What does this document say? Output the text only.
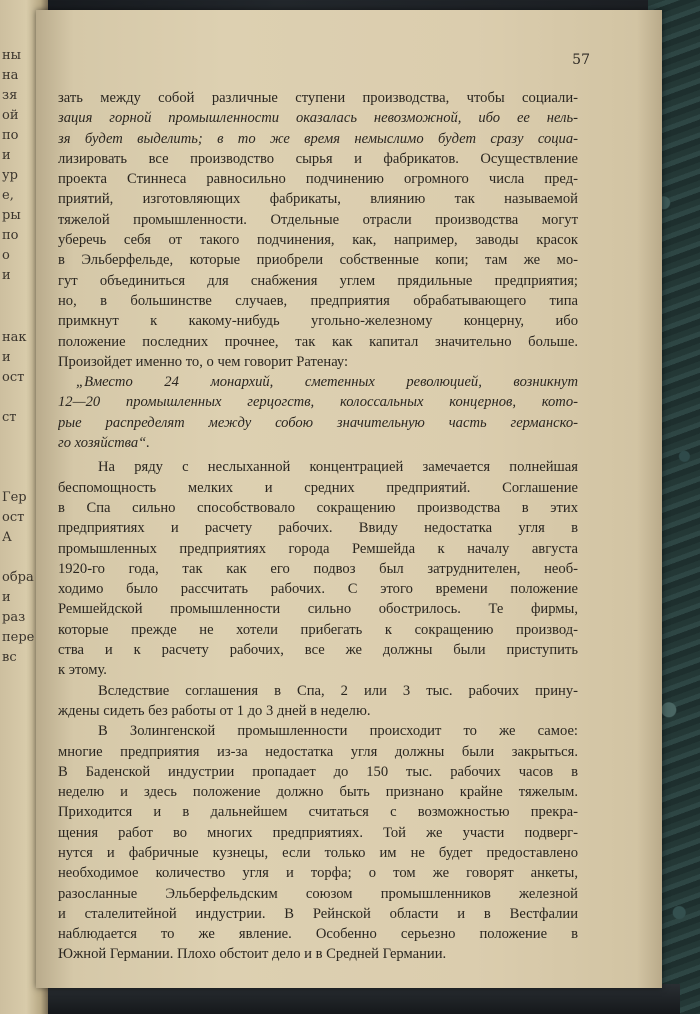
ны
на
зя
ой
по
и
ур
е,
ры
по
о
и
нак
и
ост
ст
Гер
ост
А
обра
и
раз
пере
вс
57
зать между собой различные ступени производства, чтобы социали-
зация горной промышленности оказалась невозможной, ибо ее нель-
зя будет выделить; в то же время немыслимо будет сразу социа-
лизировать все производство сырья и фабрикатов. Осуществление
проекта Стиннеса равносильно подчинению огромного числа пред-
приятий, изготовляющих фабрикаты, влиянию так называемой
тяжелой промышленности. Отдельные отрасли производства могут
уберечь себя от такого подчинения, как, например, заводы красок
в Эльберфельде, которые приобрели собственные копи; там же мо-
гут объединиться для снабжения углем прядильные предприятия;
но, в большинстве случаев, предприятия обрабатывающего типа
примкнут к какому-нибудь угольно-железному концерну, ибо
положение последних прочнее, так как капитал значительно больше.
Произойдет именно то, о чем говорит Ратенау:
„Вместо 24 монархий, сметенных революцией, возникнут
12—20 промышленных герцогств, колоссальных концернов, кото-
рые распределят между собою значительную часть германско-
го хозяйства“.
На ряду с неслыханной концентрацией замечается полнейшая
беспомощность мелких и средних предприятий. Соглашение
в Спа сильно способствовало сокращению производства в этих
предприятиях и расчету рабочих. Ввиду недостатка угля в
промышленных предприятиях города Ремшейда к началу августа
1920-го года, так как его подвоз был затруднителен, необ-
ходимо было рассчитать рабочих. С этого времени положение
Ремшейдской промышленности сильно обострилось. Те фирмы,
которые прежде не хотели прибегать к сокращению производ-
ства и к расчету рабочих, все же должны были приступить
к этому.
Вследствие соглашения в Спа, 2 или 3 тыс. рабочих прину-
ждены сидеть без работы от 1 до 3 дней в неделю.
В Золингенской промышленности происходит то же самое:
многие предприятия из-за недостатка угля должны были закрыться.
В Баденской индустрии пропадает до 150 тыс. рабочих часов в
неделю и здесь положение должно быть признано крайне тяжелым.
Приходится и в дальнейшем считаться с возможностью прекра-
щения работ во многих предприятиях. Той же участи подверг-
нутся и фабричные кузнецы, если только им не будет предоставлено
необходимое количество угля и торфа; о том же говорят анкеты,
разосланные Эльберфельдским союзом промышленников железной
и сталелитейной индустрии. В Рейнской области и в Вестфалии
наблюдается то же явление. Особенно серьезно положение в
Южной Германии. Плохо обстоит дело и в Средней Германии.
